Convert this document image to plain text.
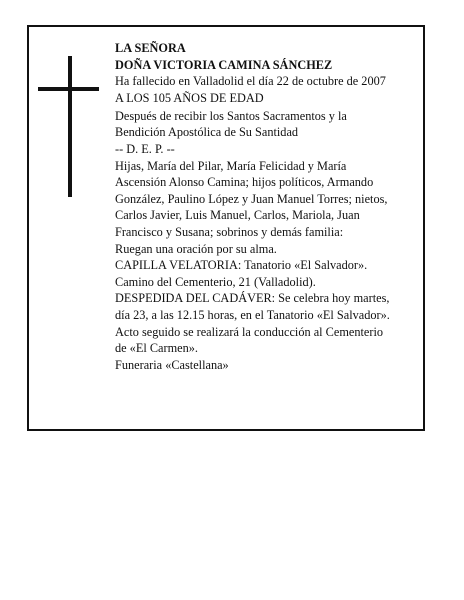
LA SEÑORA
DOÑA VICTORIA CAMINA SÁNCHEZ
Ha fallecido en Valladolid el día 22 de octubre de 2007
A LOS 105 AÑOS DE EDAD
Después de recibir los Santos Sacramentos y la
Bendición Apostólica de Su Santidad
-- D. E. P. --
Hijas, María del Pilar, María Felicidad y María
Ascensión Alonso Camina; hijos políticos, Armando
González, Paulino López y Juan Manuel Torres; nietos,
Carlos Javier, Luis Manuel, Carlos, Mariola, Juan
Francisco y Susana; sobrinos y demás familia:
Ruegan una oración por su alma.
CAPILLA VELATORIA: Tanatorio «El Salvador».
Camino del Cementerio, 21 (Valladolid).
DESPEDIDA DEL CADÁVER: Se celebra hoy martes,
día 23, a las 12.15 horas, en el Tanatorio «El Salvador».
Acto seguido se realizará la conducción al Cementerio
de «El Carmen».
Funeraria «Castellana»
